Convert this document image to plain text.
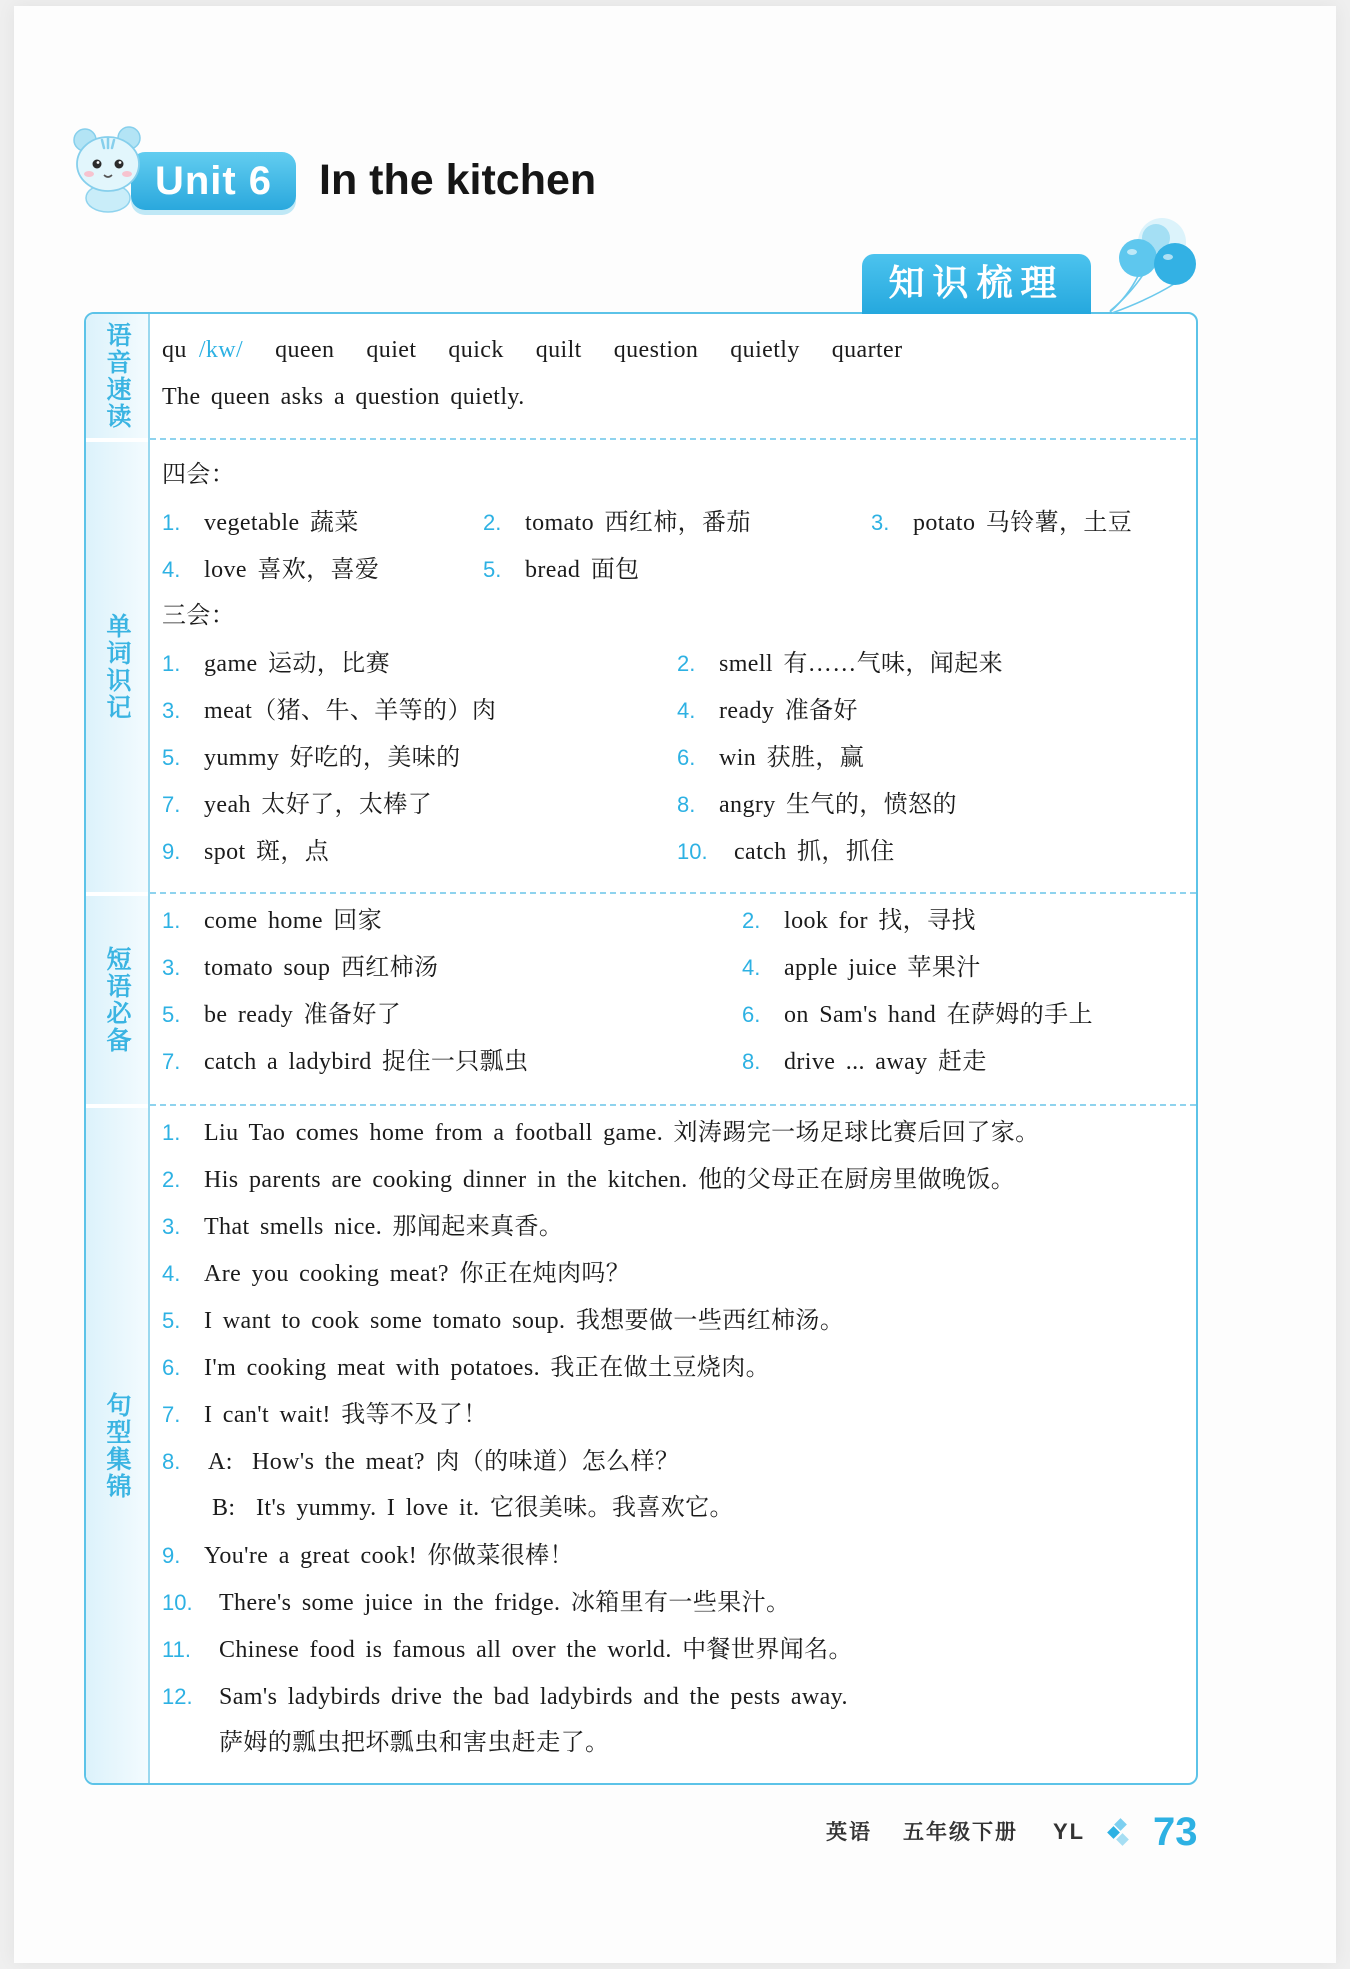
Unit 6	In the kitchen
知识梳理
语音速读
单词识记
短语必备
句型集锦
qu /kw/ queen quiet quick quilt question quietly quarter
The queen asks a question quietly.
四会：
1. vegetable 蔬菜	2. tomato 西红柿，番茄	3. potato 马铃薯，土豆
4. love 喜欢，喜爱	5. bread 面包
三会：
1. game 运动，比赛	2. smell 有……气味，闻起来
3. meat（猪、牛、羊等的）肉	4. ready 准备好
5. yummy 好吃的，美味的	6. win 获胜，赢
7. yeah 太好了，太棒了	8. angry 生气的，愤怒的
9. spot 斑，点	10. catch 抓，抓住
1. come home 回家	2. look for 找，寻找
3. tomato soup 西红柿汤	4. apple juice 苹果汁
5. be ready 准备好了	6. on Sam's hand 在萨姆的手上
7. catch a ladybird 捉住一只瓢虫	8. drive ... away 赶走
1. Liu Tao comes home from a football game. 刘涛踢完一场足球比赛后回了家。
2. His parents are cooking dinner in the kitchen. 他的父母正在厨房里做晚饭。
3. That smells nice. 那闻起来真香。
4. Are you cooking meat? 你正在炖肉吗？
5. I want to cook some tomato soup. 我想要做一些西红柿汤。
6. I'm cooking meat with potatoes. 我正在做土豆烧肉。
7. I can't wait! 我等不及了！
8. A: How's the meat? 肉（的味道）怎么样？
B: It's yummy. I love it. 它很美味。我喜欢它。
9. You're a great cook! 你做菜很棒！
10. There's some juice in the fridge. 冰箱里有一些果汁。
11. Chinese food is famous all over the world. 中餐世界闻名。
12. Sam's ladybirds drive the bad ladybirds and the pests away.
萨姆的瓢虫把坏瓢虫和害虫赶走了。
英语 五年级下册 YL 73
